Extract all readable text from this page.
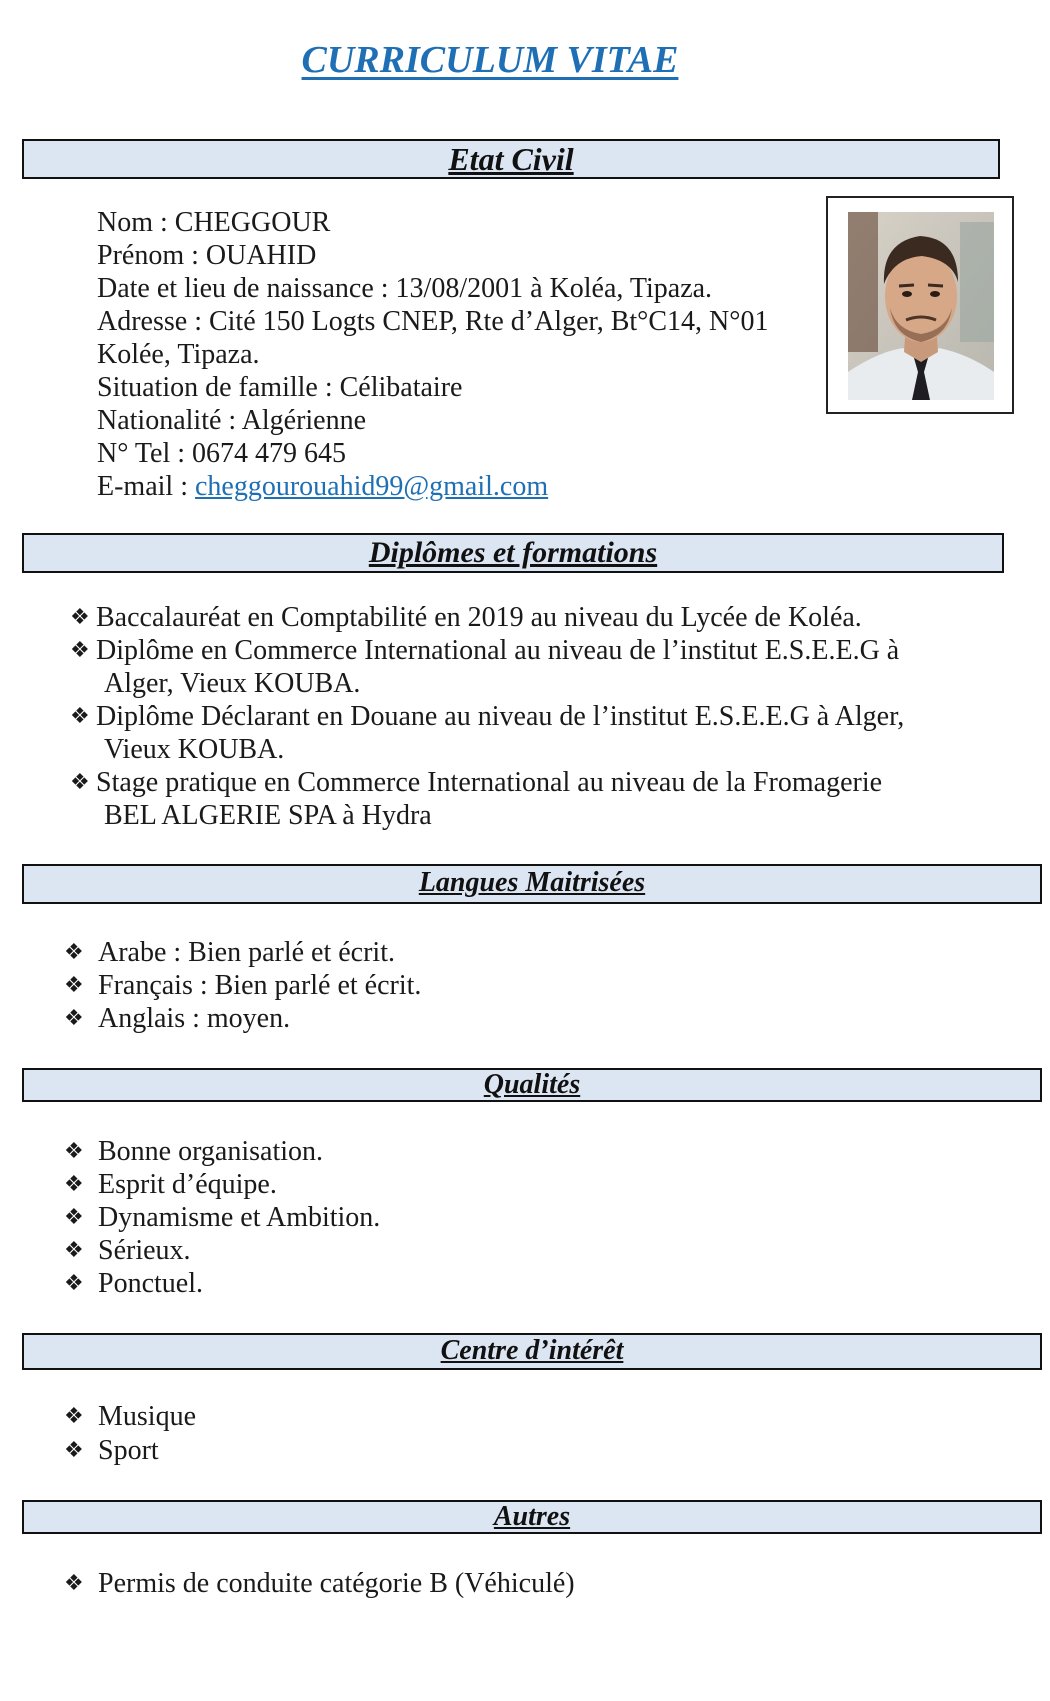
CURRICULUM VITAE
Etat Civil
Nom : CHEGGOUR
Prénom : OUAHID
Date et lieu de naissance : 13/08/2001 à Koléa, Tipaza.
Adresse : Cité 150 Logts CNEP, Rte d’Alger, Bt°C14, N°01
Kolée, Tipaza.
Situation de famille : Célibataire
Nationalité : Algérienne
N° Tel : 0674 479 645
E-mail : cheggourouahid99@gmail.com
Diplômes et formations
❖ Baccalauréat en Comptabilité en 2019 au niveau du Lycée de Koléa.
❖ Diplôme en Commerce International au niveau de l’institut E.S.E.E.G à
Alger, Vieux KOUBA.
❖ Diplôme Déclarant en Douane au niveau de l’institut E.S.E.E.G à Alger,
Vieux KOUBA.
❖ Stage pratique en Commerce International au niveau de la Fromagerie
BEL ALGERIE SPA à Hydra
Langues Maitrisées
❖ Arabe : Bien parlé et écrit.
❖ Français : Bien parlé et écrit.
❖ Anglais : moyen.
Qualités
❖ Bonne organisation.
❖ Esprit d’équipe.
❖ Dynamisme et Ambition.
❖ Sérieux.
❖ Ponctuel.
Centre d’intérêt
❖ Musique
❖ Sport
Autres
❖ Permis de conduite catégorie B (Véhiculé)
